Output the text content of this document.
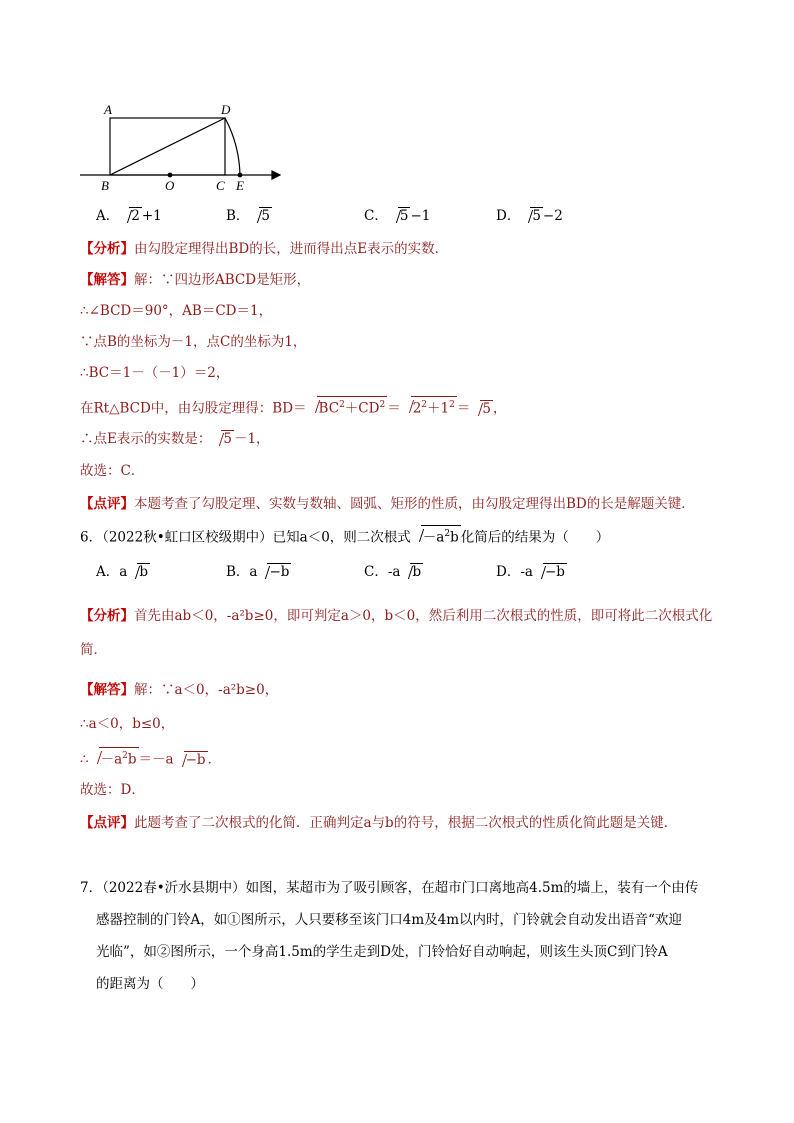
A	D
B	O	C E
A． 2 +1	B． 5	C． 5 −1	D． 5 −2
【分析】由勾股定理得出BD的长，进而得出点E表示的实数．
【解答】解：∵四边形ABCD是矩形，
∴∠BCD＝90°，AB＝CD＝1，
∵点B的坐标为－1，点C的坐标为1，
∴BC＝1－（－1）＝2，
在Rt△BCD中，由勾股定理得：$BD= BC^2+CD^2 = 2^2+1^2 = 5$ ，
∴点E表示的实数是： 5 －1，
故选：C．
【点评】本题考查了勾股定理、实数与数轴、圆弧、矩形的性质，由勾股定理得出BD的长是解题关键．
6．（2022秋•虹口区校级期中）已知a＜0，则二次根式 $-a^2b$ 化简后的结果为（　　）
A．a b	B．a −b	C．-a b	D．-a −b
【分析】首先由ab＜0，-a²b≥0，即可判定a＞0，b＜0，然后利用二次根式的性质，即可将此二次根式化
简．
【解答】解：∵a＜0，-a²b≥0，
∴a＜0，b≤0，
∴ $-a^2b =-a -b$ ．
故选：D．
【点评】此题考查了二次根式的化简．正确判定a与b的符号，根据二次根式的性质化简此题是关键．
7．（2022春•沂水县期中）如图，某超市为了吸引顾客，在超市门口离地高4.5m的墙上，装有一个由传
感器控制的门铃A，如①图所示，人只要移至该门口4m及4m以内时，门铃就会自动发出语音“欢迎
光临”，如②图所示，一个身高1.5m的学生走到D处，门铃恰好自动响起，则该生头顶C到门铃A
的距离为（　　）
